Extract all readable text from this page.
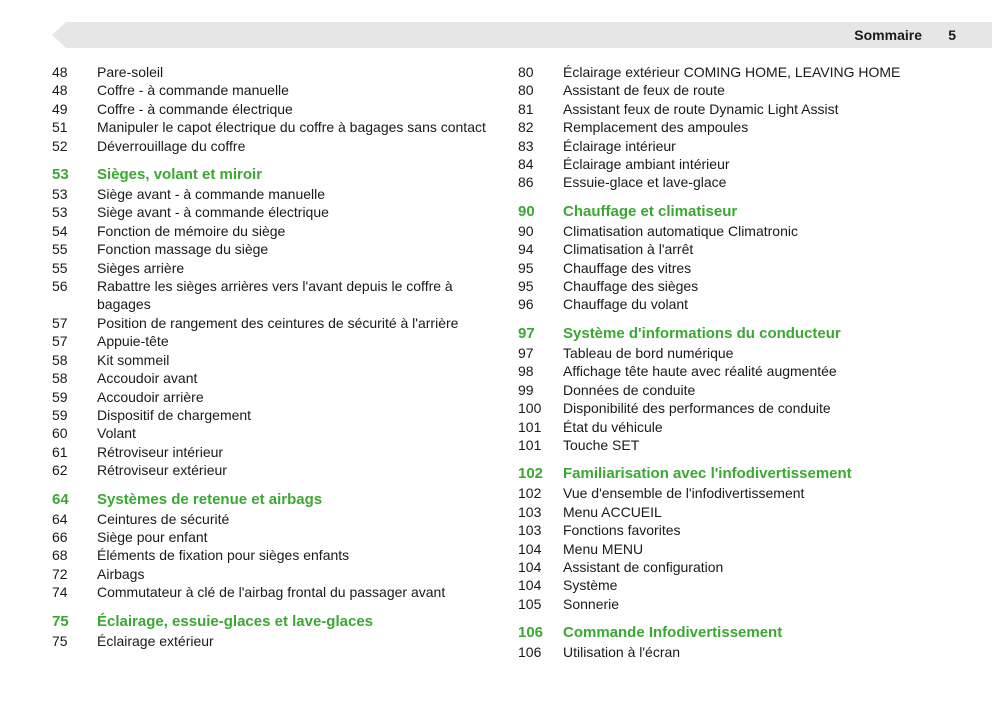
Sommaire 5
48	Pare-soleil
48	Coffre - à commande manuelle
49	Coffre - à commande électrique
51	Manipuler le capot électrique du coffre à bagages sans contact
52	Déverrouillage du coffre
53	Sièges, volant et miroir
53	Siège avant - à commande manuelle
53	Siège avant - à commande électrique
54	Fonction de mémoire du siège
55	Fonction massage du siège
55	Sièges arrière
56	Rabattre les sièges arrières vers l'avant depuis le coffre à bagages
57	Position de rangement des ceintures de sécurité à l'arrière
57	Appuie-tête
58	Kit sommeil
58	Accoudoir avant
59	Accoudoir arrière
59	Dispositif de chargement
60	Volant
61	Rétroviseur intérieur
62	Rétroviseur extérieur
64	Systèmes de retenue et airbags
64	Ceintures de sécurité
66	Siège pour enfant
68	Éléments de fixation pour sièges enfants
72	Airbags
74	Commutateur à clé de l'airbag frontal du passager avant
75	Éclairage, essuie-glaces et lave-glaces
75	Éclairage extérieur
80	Éclairage extérieur COMING HOME, LEAVING HOME
80	Assistant de feux de route
81	Assistant feux de route Dynamic Light Assist
82	Remplacement des ampoules
83	Éclairage intérieur
84	Éclairage ambiant intérieur
86	Essuie-glace et lave-glace
90	Chauffage et climatiseur
90	Climatisation automatique Climatronic
94	Climatisation à l'arrêt
95	Chauffage des vitres
95	Chauffage des sièges
96	Chauffage du volant
97	Système d'informations du conducteur
97	Tableau de bord numérique
98	Affichage tête haute avec réalité augmentée
99	Données de conduite
100	Disponibilité des performances de conduite
101	État du véhicule
101	Touche SET
102	Familiarisation avec l'infodivertissement
102	Vue d'ensemble de l'infodivertissement
103	Menu ACCUEIL
103	Fonctions favorites
104	Menu MENU
104	Assistant de configuration
104	Système
105	Sonnerie
106	Commande Infodivertissement
106	Utilisation à l'écran
